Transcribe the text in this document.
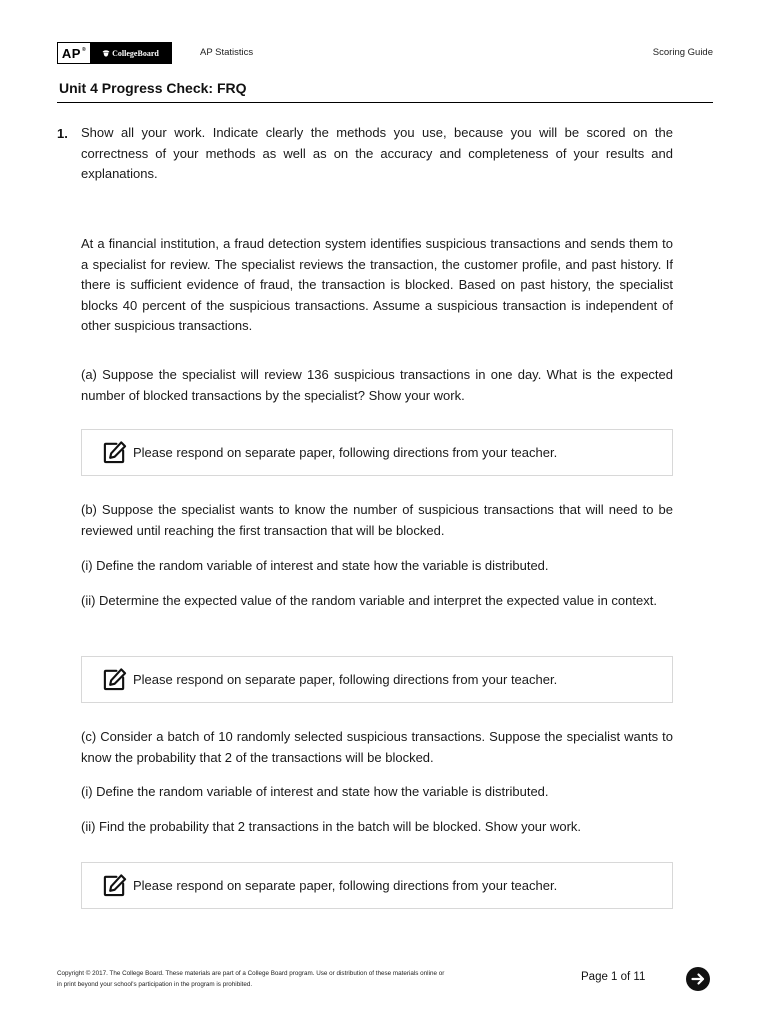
AP®	CollegeBoard	AP Statistics	Scoring Guide
Unit 4 Progress Check: FRQ
1. Show all your work. Indicate clearly the methods you use, because you will be scored on the correctness of your methods as well as on the accuracy and completeness of your results and explanations.

At a financial institution, a fraud detection system identifies suspicious transactions and sends them to a specialist for review. The specialist reviews the transaction, the customer profile, and past history. If there is sufficient evidence of fraud, the transaction is blocked. Based on past history, the specialist blocks 40 percent of the suspicious transactions. Assume a suspicious transaction is independent of other suspicious transactions.

(a) Suppose the specialist will review 136 suspicious transactions in one day. What is the expected number of blocked transactions by the specialist? Show your work.

Please respond on separate paper, following directions from your teacher.

(b) Suppose the specialist wants to know the number of suspicious transactions that will need to be reviewed until reaching the first transaction that will be blocked.

(i) Define the random variable of interest and state how the variable is distributed.

(ii) Determine the expected value of the random variable and interpret the expected value in context.

Please respond on separate paper, following directions from your teacher.

(c) Consider a batch of 10 randomly selected suspicious transactions. Suppose the specialist wants to know the probability that 2 of the transactions will be blocked.

(i) Define the random variable of interest and state how the variable is distributed.

(ii) Find the probability that 2 transactions in the batch will be blocked. Show your work.

Please respond on separate paper, following directions from your teacher.

Copyright © 2017. The College Board. These materials are part of a College Board program. Use or distribution of these materials online or
in print beyond your school's participation in the program is prohibited.

Page 1 of 11
